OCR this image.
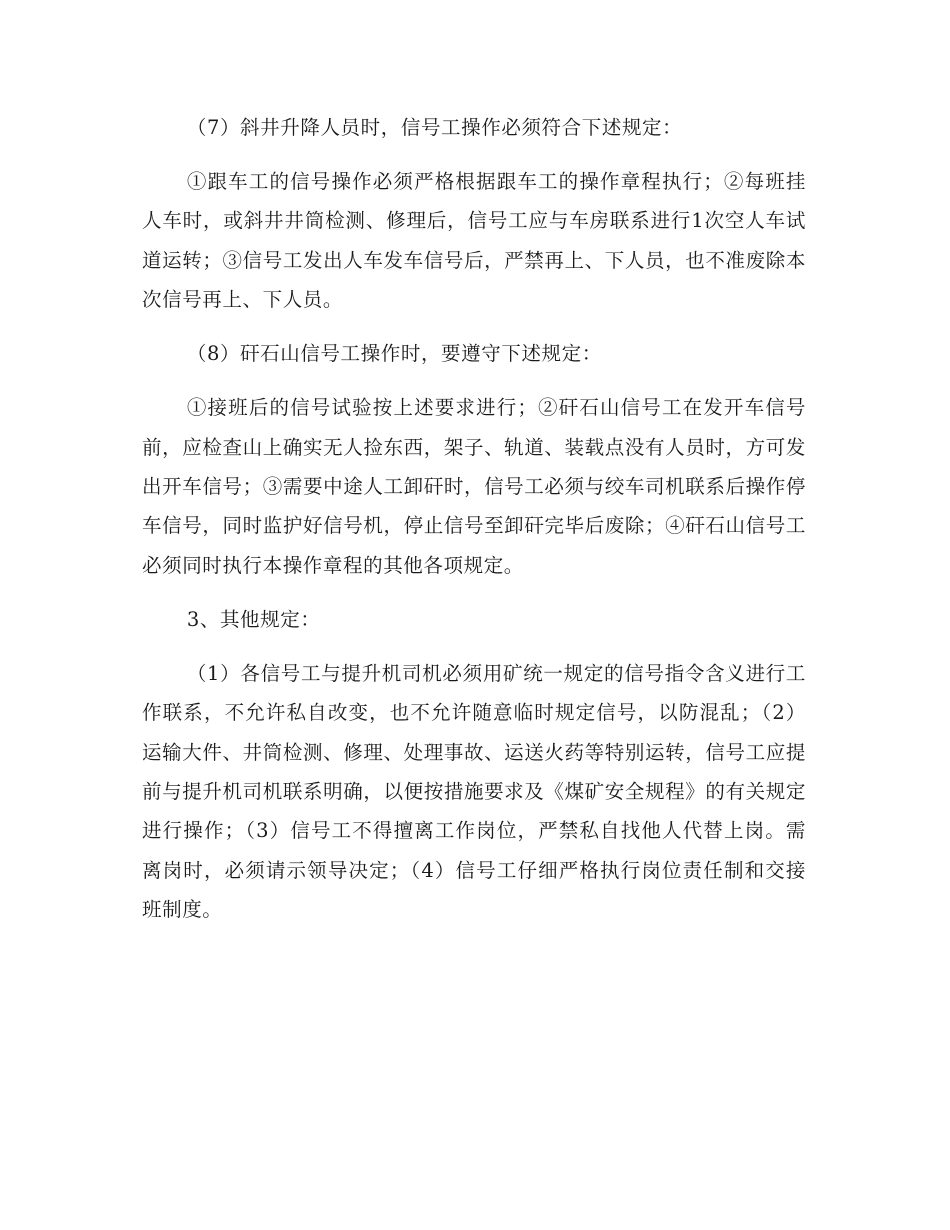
（7）斜井升降人员时，信号工操作必须符合下述规定：

①跟车工的信号操作必须严格根据跟车工的操作章程执行；②每班挂人车时，或斜井井筒检测、修理后，信号工应与车房联系进行1次空人车试道运转；③信号工发出人车发车信号后，严禁再上、下人员，也不准废除本次信号再上、下人员。

（8）矸石山信号工操作时，要遵守下述规定：

①接班后的信号试验按上述要求进行；②矸石山信号工在发开车信号前，应检查山上确实无人捡东西，架子、轨道、装载点没有人员时，方可发出开车信号；③需要中途人工卸矸时，信号工必须与绞车司机联系后操作停车信号，同时监护好信号机，停止信号至卸矸完毕后废除；④矸石山信号工必须同时执行本操作章程的其他各项规定。

3、其他规定：

（1）各信号工与提升机司机必须用矿统一规定的信号指令含义进行工作联系，不允许私自改变，也不允许随意临时规定信号，以防混乱；（2）运输大件、井筒检测、修理、处理事故、运送火药等特别运转，信号工应提前与提升机司机联系明确，以便按措施要求及《煤矿安全规程》的有关规定进行操作；（3）信号工不得擅离工作岗位，严禁私自找他人代替上岗。需离岗时，必须请示领导决定；（4）信号工仔细严格执行岗位责任制和交接班制度。
